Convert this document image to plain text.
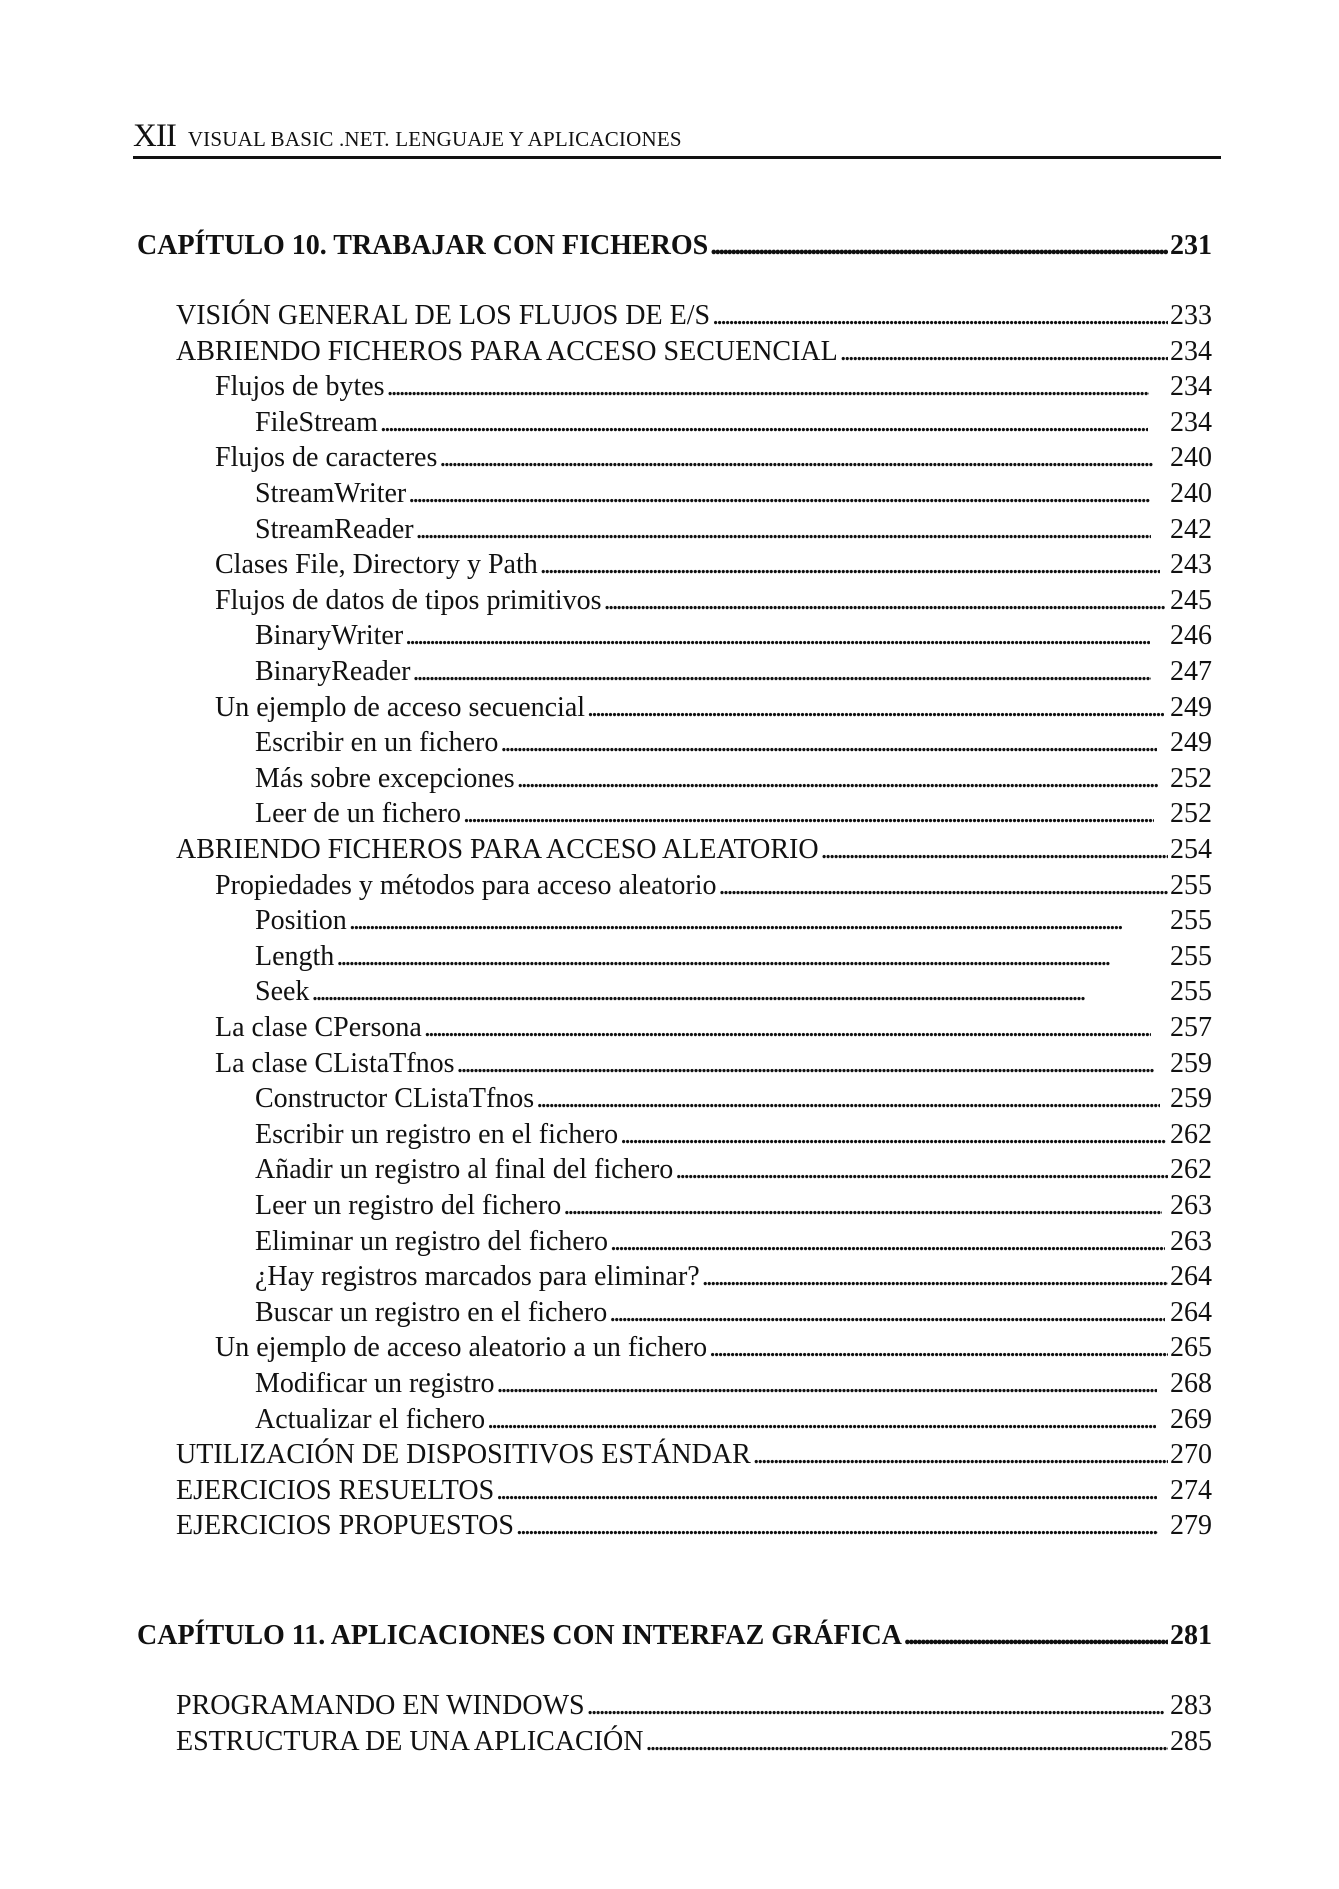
XII VISUAL BASIC .NET. LENGUAJE Y APLICACIONES
CAPÍTULO 10. TRABAJAR CON FICHEROS . . .	231
VISIÓN GENERAL DE LOS FLUJOS DE E/S . . .	233
ABRIENDO FICHEROS PARA ACCESO SECUENCIAL . . .	234
Flujos de bytes . . .	234
FileStream . . .	234
Flujos de caracteres . . .	240
StreamWriter . . .	240
StreamReader . . .	242
Clases File, Directory y Path . . .	243
Flujos de datos de tipos primitivos . . .	245
BinaryWriter . . .	246
BinaryReader . . .	247
Un ejemplo de acceso secuencial . . .	249
Escribir en un fichero . . .	249
Más sobre excepciones . . .	252
Leer de un fichero . . .	252
ABRIENDO FICHEROS PARA ACCESO ALEATORIO . . .	254
Propiedades y métodos para acceso aleatorio . . .	255
Position . . .	255
Length . . .	255
Seek . . .	255
La clase CPersona . . .	257
La clase CListaTfnos . . .	259
Constructor CListaTfnos . . .	259
Escribir un registro en el fichero . . .	262
Añadir un registro al final del fichero . . .	262
Leer un registro del fichero . . .	263
Eliminar un registro del fichero . . .	263
¿Hay registros marcados para eliminar? . . .	264
Buscar un registro en el fichero . . .	264
Un ejemplo de acceso aleatorio a un fichero . . .	265
Modificar un registro . . .	268
Actualizar el fichero . . .	269
UTILIZACIÓN DE DISPOSITIVOS ESTÁNDAR . . .	270
EJERCICIOS RESUELTOS . . .	274
EJERCICIOS PROPUESTOS . . .	279
CAPÍTULO 11. APLICACIONES CON INTERFAZ GRÁFICA . . .	281
PROGRAMANDO EN WINDOWS . . .	283
ESTRUCTURA DE UNA APLICACIÓN . . .	285
